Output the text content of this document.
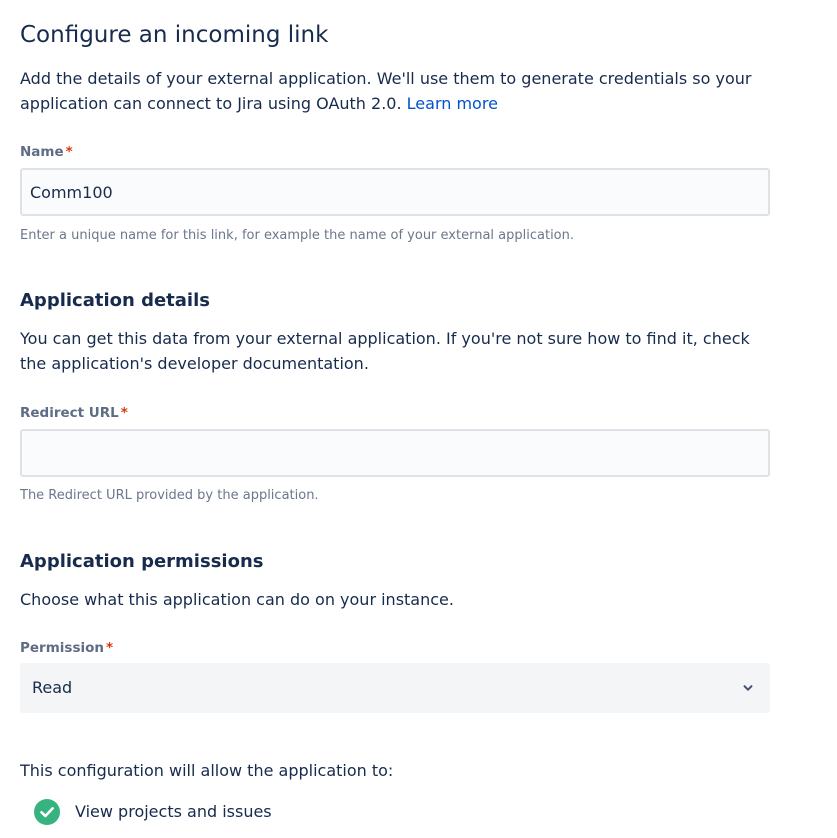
Configure an incoming link

Add the details of your external application. We'll use them to generate credentials so your application can connect to Jira using OAuth 2.0. Learn more

Name *
Comm100
Enter a unique name for this link, for example the name of your external application.
Application details

You can get this data from your external application. If you're not sure how to find it, check the application's developer documentation.

Redirect URL *
The Redirect URL provided by the application.
Application permissions

Choose what this application can do on your instance.

Permission *
Read

This configuration will allow the application to:

View projects and issues
